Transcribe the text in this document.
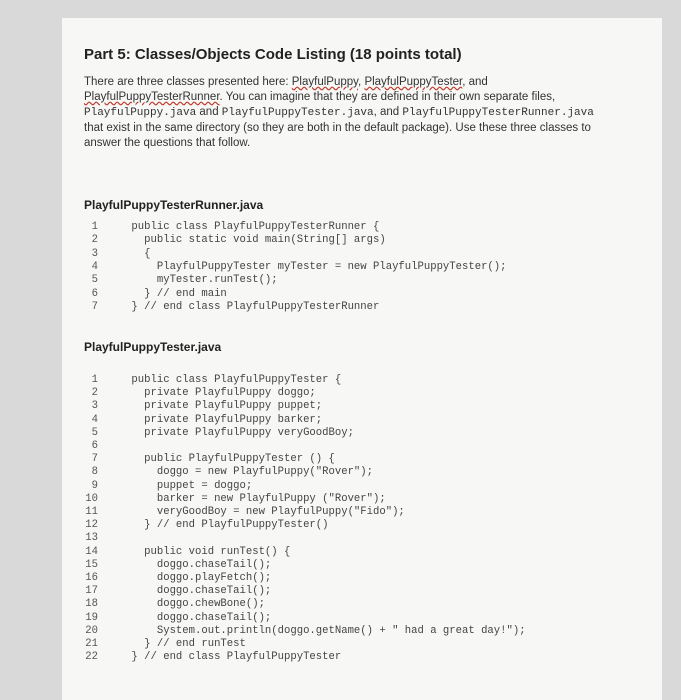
Part 5: Classes/Objects Code Listing (18 points total)
There are three classes presented here: PlayfulPuppy, PlayfulPuppyTester, and PlayfulPuppyTesterRunner. You can imagine that they are defined in their own separate files, PlayfulPuppy.java and PlayfulPuppyTester.java, and PlayfulPuppyTesterRunner.java that exist in the same directory (so they are both in the default package). Use these three classes to answer the questions that follow.
PlayfulPuppyTesterRunner.java
1 public class PlayfulPuppyTesterRunner {
2 public static void main(String[] args)
3 {
4 PlayfulPuppyTester myTester = new PlayfulPuppyTester();
5 myTester.runTest();
6 } // end main
7 } // end class PlayfulPuppyTesterRunner
PlayfulPuppyTester.java
1 public class PlayfulPuppyTester {
2 private PlayfulPuppy doggo;
3 private PlayfulPuppy puppet;
4 private PlayfulPuppy barker;
5 private PlayfulPuppy veryGoodBoy;
6
7 public PlayfulPuppyTester () {
8 doggo = new PlayfulPuppy("Rover");
9 puppet = doggo;
10 barker = new PlayfulPuppy ("Rover");
11 veryGoodBoy = new PlayfulPuppy("Fido");
12 } // end PlayfulPuppyTester()
13
14 public void runTest() {
15 doggo.chaseTail();
16 doggo.playFetch();
17 doggo.chaseTail();
18 doggo.chewBone();
19 doggo.chaseTail();
20 System.out.println(doggo.getName() + " had a great day!");
21 } // end runTest
22 } // end class PlayfulPuppyTester
